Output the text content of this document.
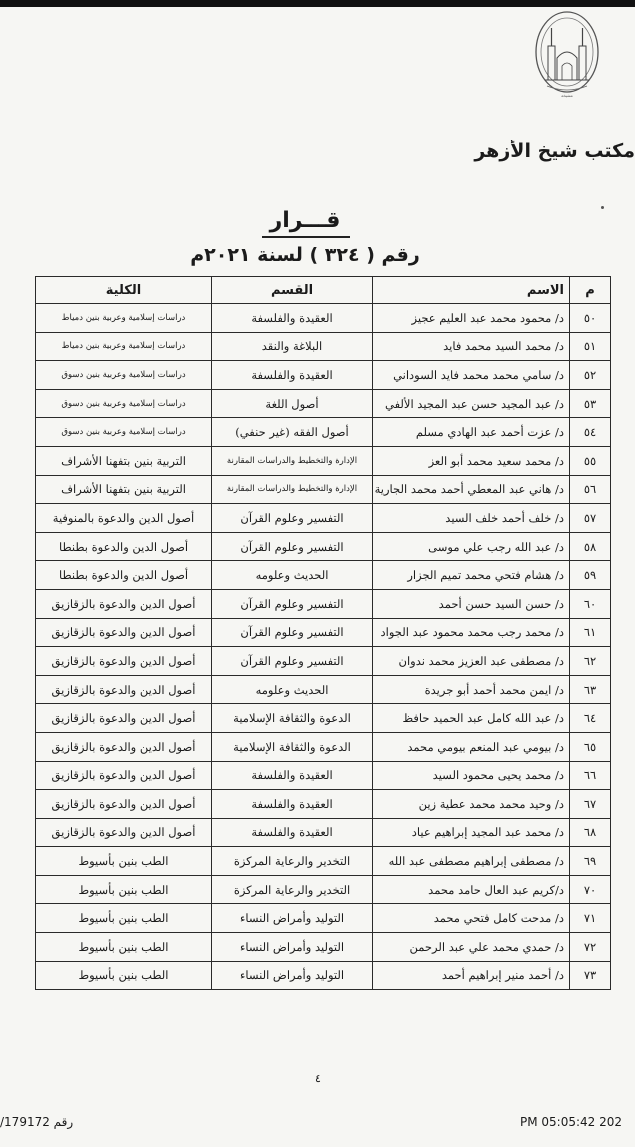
ﻣﺸﻴﺨﺔ
مكتب شيخ الأزهر
قـــرار
رقم ( ٣٢٤ ) لسنة ٢٠٢١م
م	الاسم	القسم	الكلية
٥٠	د/ محمود محمد عبد العليم عجيز	العقيدة والفلسفة	دراسات إسلامية وعربية بنين دمياط
٥١	د/ محمد السيد محمد فايد	البلاغة والنقد	دراسات إسلامية وعربية بنين دمياط
٥٢	د/ سامي محمد محمد فايد السوداني	العقيدة والفلسفة	دراسات إسلامية وعربية بنين دسوق
٥٣	د/ عبد المجيد حسن عبد المجيد الألفي	أصول اللغة	دراسات إسلامية وعربية بنين دسوق
٥٤	د/ عزت أحمد عبد الهادي مسلم	أصول الفقه (غير حنفي)	دراسات إسلامية وعربية بنين دسوق
٥٥	د/ محمد سعيد محمد أبو العز	الإدارة والتخطيط والدراسات المقارنة	التربية بنين بتفهنا الأشراف
٥٦	د/ هاني عبد المعطي أحمد محمد الجارية	الإدارة والتخطيط والدراسات المقارنة	التربية بنين بتفهنا الأشراف
٥٧	د/ خلف أحمد خلف السيد	التفسير وعلوم القرآن	أصول الدين والدعوة بالمنوفية
٥٨	د/ عبد الله رجب علي موسى	التفسير وعلوم القرآن	أصول الدين والدعوة بطنطا
٥٩	د/ هشام فتحي محمد تميم الجزار	الحديث وعلومه	أصول الدين والدعوة بطنطا
٦٠	د/ حسن السيد حسن أحمد	التفسير وعلوم القرآن	أصول الدين والدعوة بالزقازيق
٦١	د/ محمد رجب محمد محمود عبد الجواد	التفسير وعلوم القرآن	أصول الدين والدعوة بالزقازيق
٦٢	د/ مصطفى عبد العزيز محمد ندوان	التفسير وعلوم القرآن	أصول الدين والدعوة بالزقازيق
٦٣	د/ ايمن محمد أحمد أبو جريدة	الحديث وعلومه	أصول الدين والدعوة بالزقازيق
٦٤	د/ عبد الله كامل عبد الحميد حافظ	الدعوة والثقافة الإسلامية	أصول الدين والدعوة بالزقازيق
٦٥	د/ بيومي عبد المنعم بيومي محمد	الدعوة والثقافة الإسلامية	أصول الدين والدعوة بالزقازيق
٦٦	د/ محمد يحيى محمود السيد	العقيدة والفلسفة	أصول الدين والدعوة بالزقازيق
٦٧	د/ وحيد محمد محمد عطية زين	العقيدة والفلسفة	أصول الدين والدعوة بالزقازيق
٦٨	د/ محمد عبد المجيد إبراهيم عياد	العقيدة والفلسفة	أصول الدين والدعوة بالزقازيق
٦٩	د/ مصطفى إبراهيم مصطفى عبد الله	التخدير والرعاية المركزة	الطب بنين بأسيوط
٧٠	د/كريم عبد العال حامد محمد	التخدير والرعاية المركزة	الطب بنين بأسيوط
٧١	د/ مدحت كامل فتحي محمد	التوليد وأمراض النساء	الطب بنين بأسيوط
٧٢	د/ حمدي محمد علي عبد الرحمن	التوليد وأمراض النساء	الطب بنين بأسيوط
٧٣	د/ أحمد منير إبراهيم أحمد	التوليد وأمراض النساء	الطب بنين بأسيوط
٤
رقم 179172/	PM 05:05:42 202
